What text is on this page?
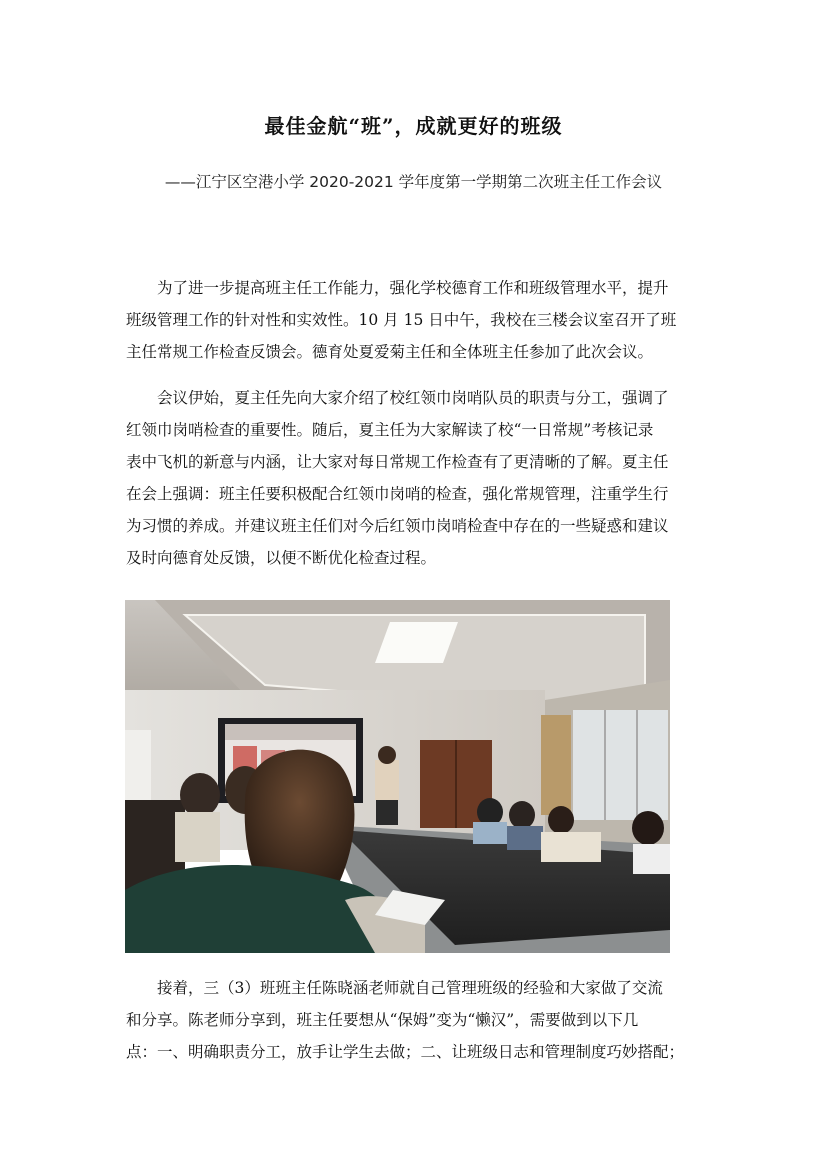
最佳金航“班”，成就更好的班级
——江宁区空港小学 2020-2021 学年度第一学期第二次班主任工作会议
为了进一步提高班主任工作能力，强化学校德育工作和班级管理水平，提升
班级管理工作的针对性和实效性。10 月 15 日中午，我校在三楼会议室召开了班
主任常规工作检查反馈会。德育处夏爱菊主任和全体班主任参加了此次会议。
会议伊始，夏主任先向大家介绍了校红领巾岗哨队员的职责与分工，强调了
红领巾岗哨检查的重要性。随后，夏主任为大家解读了校“一日常规”考核记录
表中飞机的新意与内涵，让大家对每日常规工作检查有了更清晰的了解。夏主任
在会上强调：班主任要积极配合红领巾岗哨的检查，强化常规管理，注重学生行
为习惯的养成。并建议班主任们对今后红领巾岗哨检查中存在的一些疑惑和建议
及时向德育处反馈，以便不断优化检查过程。
接着，三（3）班班主任陈晓涵老师就自己管理班级的经验和大家做了交流
和分享。陈老师分享到，班主任要想从“保姆”变为“懒汉”，需要做到以下几
点：一、明确职责分工，放手让学生去做；二、让班级日志和管理制度巧妙搭配；
